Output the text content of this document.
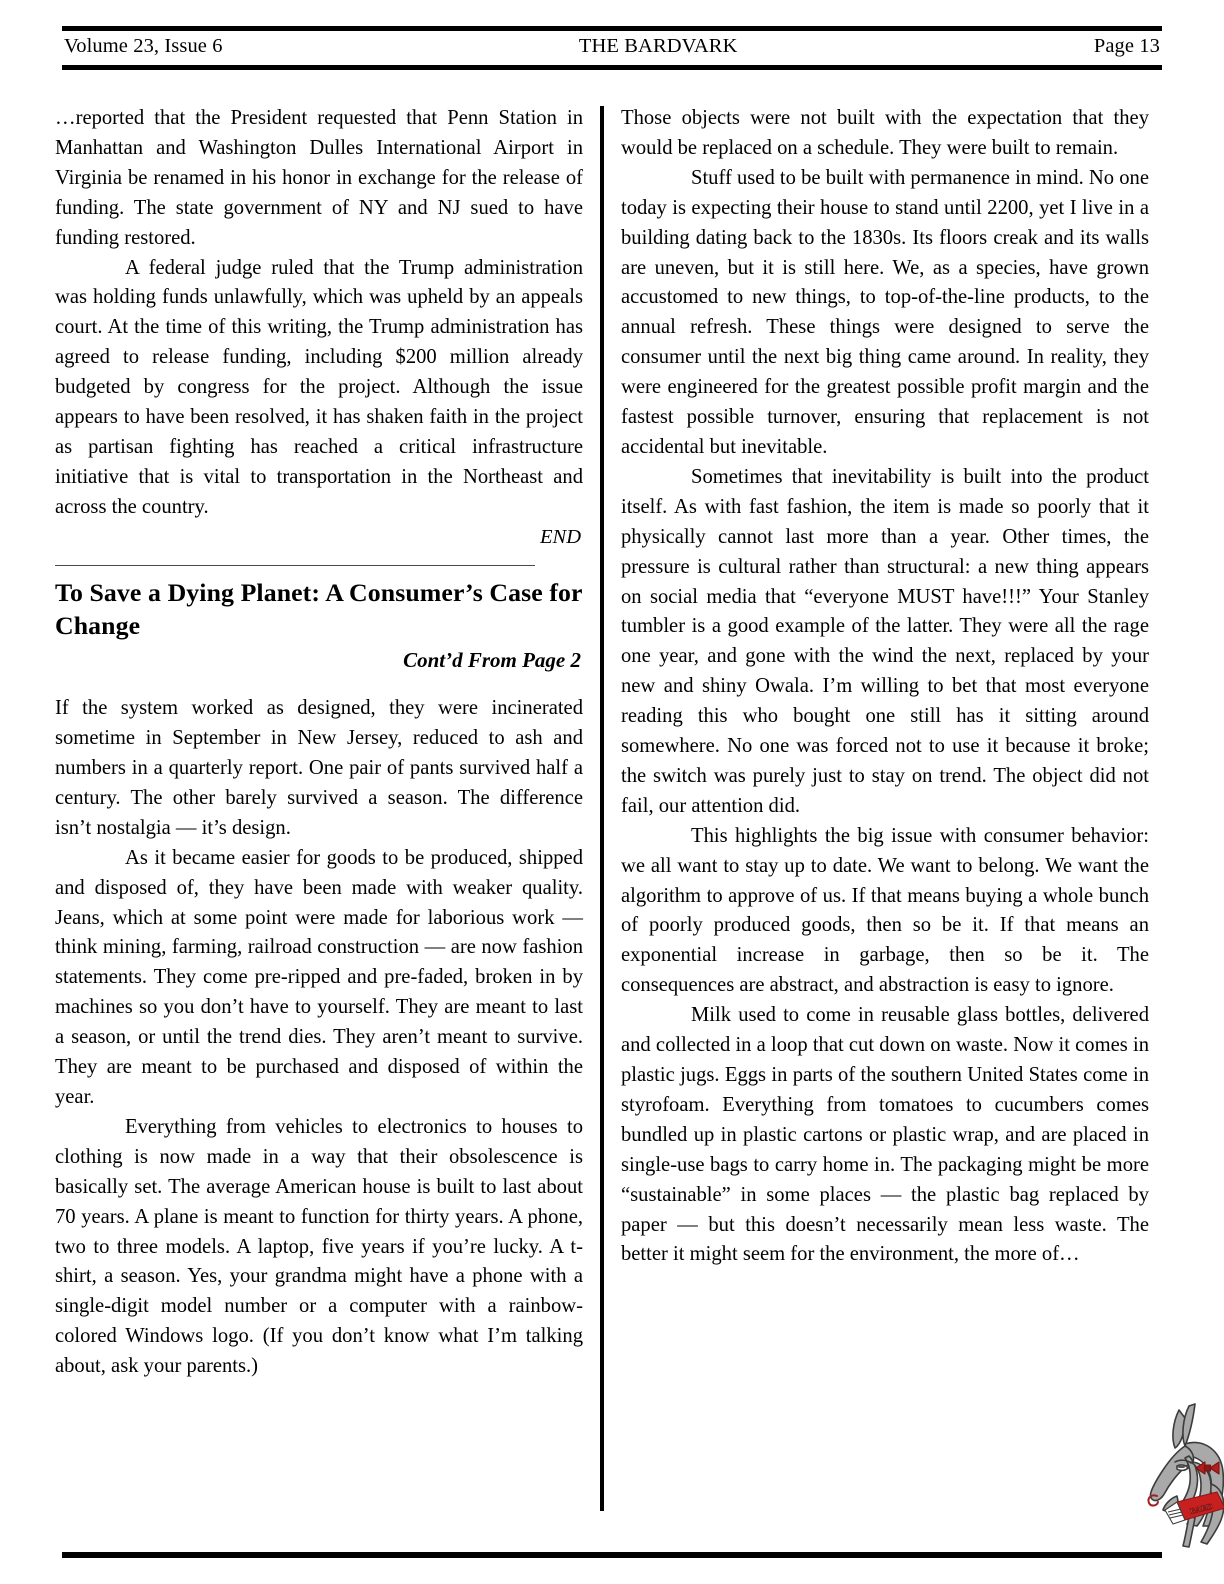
Volume 23, Issue 6	THE BARDVARK	Page 13

…reported that the President requested that Penn Station in Manhattan and Washington Dulles International Airport in Virginia be renamed in his honor in exchange for the release of funding. The state government of NY and NJ sued to have funding restored.

A federal judge ruled that the Trump administration was holding funds unlawfully, which was upheld by an appeals court. At the time of this writing, the Trump administration has agreed to release funding, including $200 million already budgeted by congress for the project. Although the issue appears to have been resolved, it has shaken faith in the project as partisan fighting has reached a critical infrastructure initiative that is vital to transportation in the Northeast and across the country.

END

To Save a Dying Planet: A Consumer’s Case for Change

Cont’d From Page 2

If the system worked as designed, they were incinerated sometime in September in New Jersey, reduced to ash and numbers in a quarterly report. One pair of pants survived half a century. The other barely survived a season. The difference isn’t nostalgia — it’s design.

As it became easier for goods to be produced, shipped and disposed of, they have been made with weaker quality. Jeans, which at some point were made for laborious work — think mining, farming, railroad construction — are now fashion statements. They come pre-ripped and pre-faded, broken in by machines so you don’t have to yourself. They are meant to last a season, or until the trend dies. They aren’t meant to survive. They are meant to be purchased and disposed of within the year.

Everything from vehicles to electronics to houses to clothing is now made in a way that their obsolescence is basically set. The average American house is built to last about 70 years. A plane is meant to function for thirty years. A phone, two to three models. A laptop, five years if you’re lucky. A t-shirt, a season. Yes, your grandma might have a phone with a single-digit model number or a computer with a rainbow-colored Windows logo. (If you don’t know what I’m talking about, ask your parents.)

Those objects were not built with the expectation that they would be replaced on a schedule. They were built to remain.

Stuff used to be built with permanence in mind. No one today is expecting their house to stand until 2200, yet I live in a building dating back to the 1830s. Its floors creak and its walls are uneven, but it is still here. We, as a species, have grown accustomed to new things, to top-of-the-line products, to the annual refresh. These things were designed to serve the consumer until the next big thing came around. In reality, they were engineered for the greatest possible profit margin and the fastest possible turnover, ensuring that replacement is not accidental but inevitable.

Sometimes that inevitability is built into the product itself. As with fast fashion, the item is made so poorly that it physically cannot last more than a year. Other times, the pressure is cultural rather than structural: a new thing appears on social media that “everyone MUST have!!!” Your Stanley tumbler is a good example of the latter. They were all the rage one year, and gone with the wind the next, replaced by your new and shiny Owala. I’m willing to bet that most everyone reading this who bought one still has it sitting around somewhere. No one was forced not to use it because it broke; the switch was purely just to stay on trend. The object did not fail, our attention did.

This highlights the big issue with consumer behavior: we all want to stay up to date. We want to belong. We want the algorithm to approve of us. If that means buying a whole bunch of poorly produced goods, then so be it. If that means an exponential increase in garbage, then so be it. The consequences are abstract, and abstraction is easy to ignore.

Milk used to come in reusable glass bottles, delivered and collected in a loop that cut down on waste. Now it comes in plastic jugs. Eggs in parts of the southern United States come in styrofoam. Everything from tomatoes to cucumbers comes bundled up in plastic cartons or plastic wrap, and are placed in single-use bags to carry home in. The packaging might be more “sustainable” in some places — the plastic bag replaced by paper — but this doesn’t necessarily mean less waste. The better it might seem for the environment, the more of…

BARD
